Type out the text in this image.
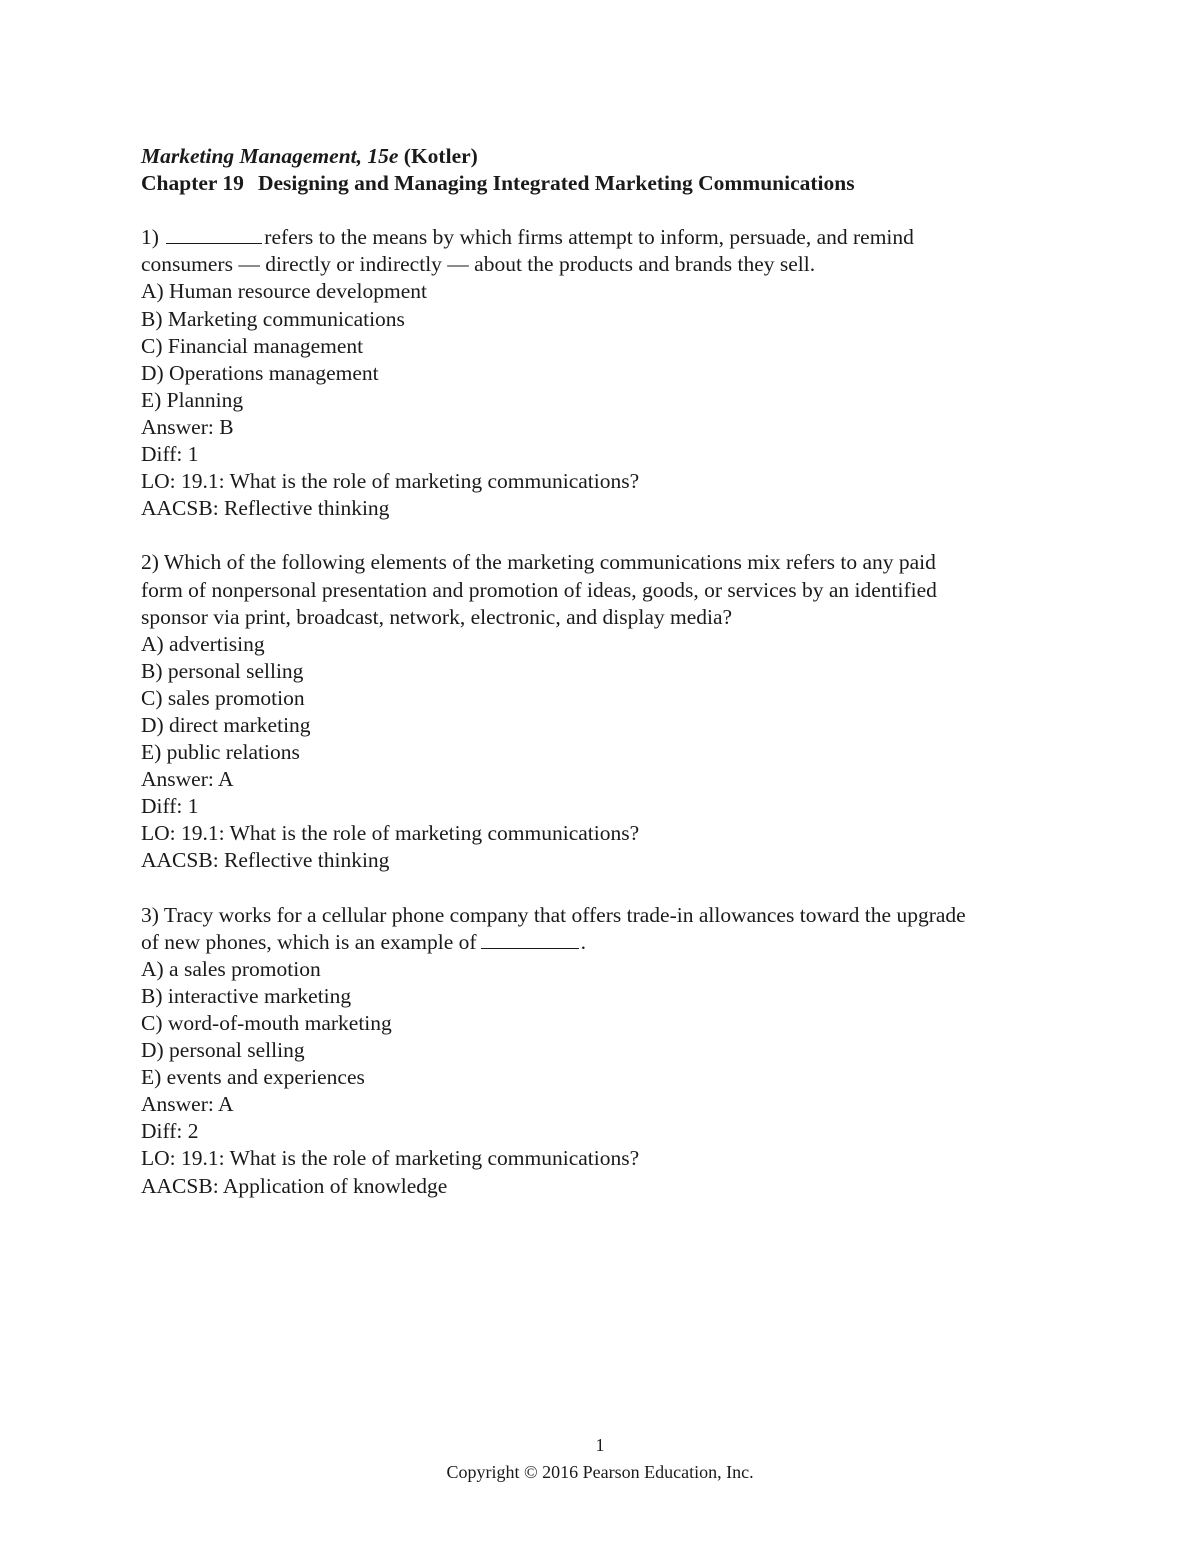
Marketing Management, 15e (Kotler)
Chapter 19 Designing and Managing Integrated Marketing Communications
1)	refers to the means by which firms attempt to inform, persuade, and remind
consumers — directly or indirectly — about the products and brands they sell.
A) Human resource development
B) Marketing communications
C) Financial management
D) Operations management
E) Planning
Answer: B
Diff: 1
LO: 19.1: What is the role of marketing communications?
AACSB: Reflective thinking
2) Which of the following elements of the marketing communications mix refers to any paid
form of nonpersonal presentation and promotion of ideas, goods, or services by an identified
sponsor via print, broadcast, network, electronic, and display media?
A) advertising
B) personal selling
C) sales promotion
D) direct marketing
E) public relations
Answer: A
Diff: 1
LO: 19.1: What is the role of marketing communications?
AACSB: Reflective thinking
3) Tracy works for a cellular phone company that offers trade-in allowances toward the upgrade
of new phones, which is an example of	.
A) a sales promotion
B) interactive marketing
C) word-of-mouth marketing
D) personal selling
E) events and experiences
Answer: A
Diff: 2
LO: 19.1: What is the role of marketing communications?
AACSB: Application of knowledge
1
Copyright © 2016 Pearson Education, Inc.
